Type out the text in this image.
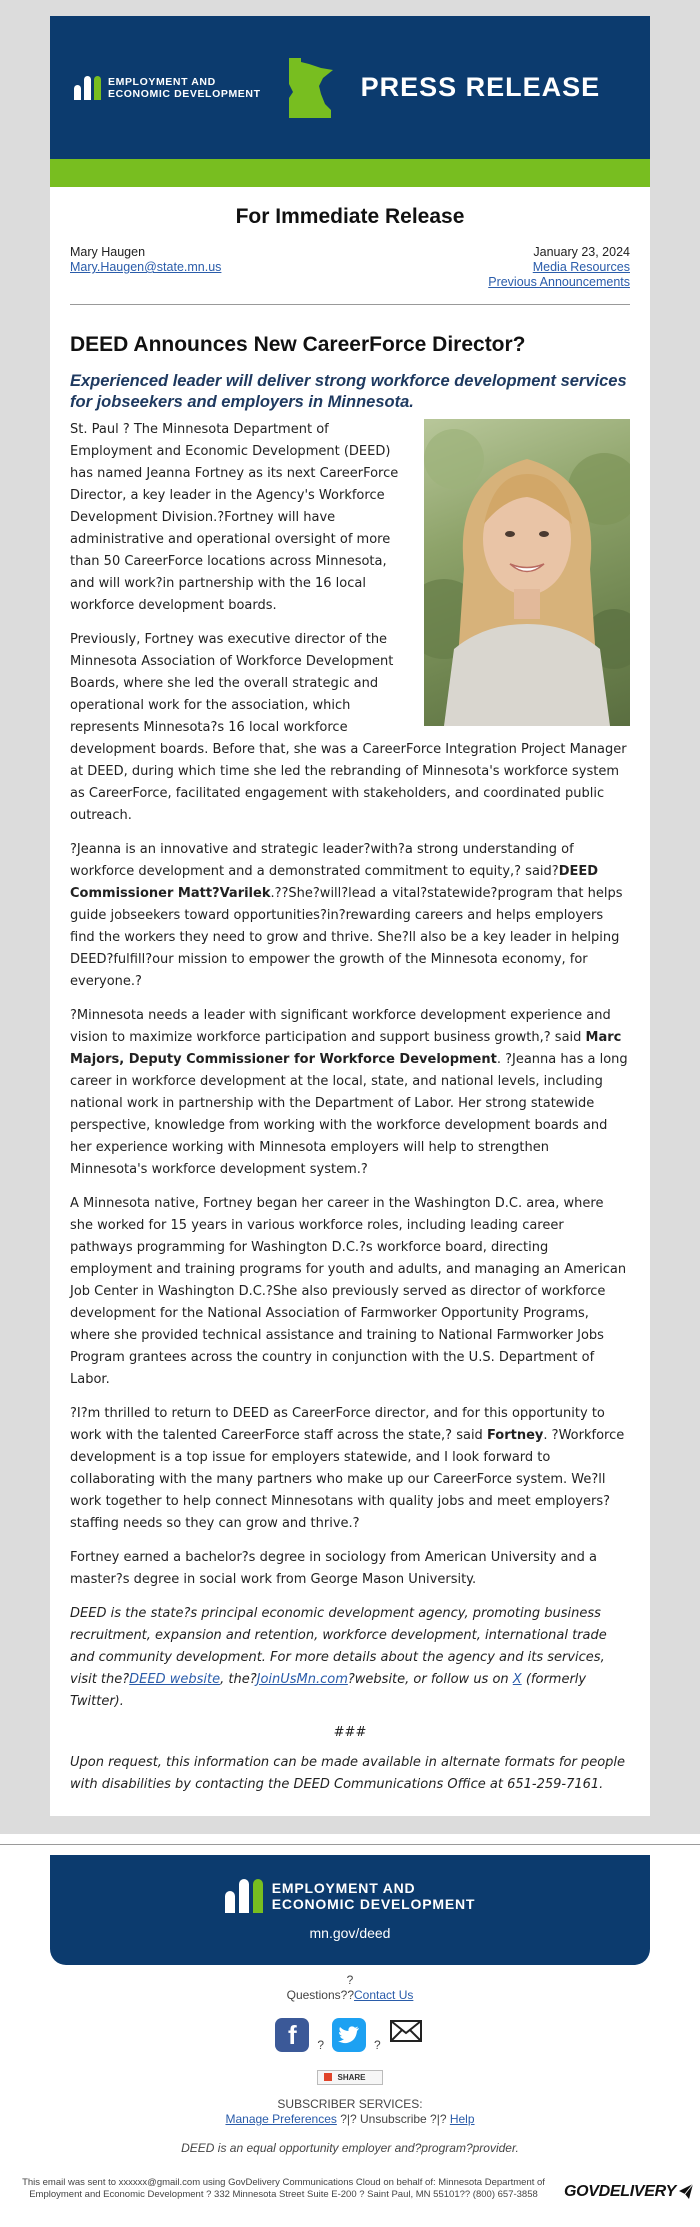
EMPLOYMENT AND
ECONOMIC DEVELOPMENT	PRESS RELEASE
For Immediate Release
Mary Haugen
Mary.Haugen@state.mn.us
January 23, 2024
Media Resources
Previous Announcements
DEED Announces New CareerForce Director?
Experienced leader will deliver strong workforce development services for jobseekers and employers in Minnesota.

St. Paul ? The Minnesota Department of Employment and Economic Development (DEED) has named Jeanna Fortney as its next CareerForce Director, a key leader in the Agency's Workforce Development Division.?Fortney will have administrative and operational oversight of more than 50 CareerForce locations across Minnesota, and will work?in partnership with the 16 local workforce development boards.

Previously, Fortney was executive director of the Minnesota Association of Workforce Development Boards, where she led the overall strategic and operational work for the association, which represents Minnesota?s 16 local workforce development boards. Before that, she was a CareerForce Integration Project Manager at DEED, during which time she led the rebranding of Minnesota's workforce system as CareerForce, facilitated engagement with stakeholders, and coordinated public outreach.

?Jeanna is an innovative and strategic leader?with?a strong understanding of workforce development and a demonstrated commitment to equity,? said?DEED Commissioner Matt?Varilek.??She?will?lead a vital?statewide?program that helps guide jobseekers toward opportunities?in?rewarding careers and helps employers find the workers they need to grow and thrive. She?ll also be a key leader in helping DEED?fulfill?our mission to empower the growth of the Minnesota economy, for everyone.?

?Minnesota needs a leader with significant workforce development experience and vision to maximize workforce participation and support business growth,? said Marc Majors, Deputy Commissioner for Workforce Development. ?Jeanna has a long career in workforce development at the local, state, and national levels, including national work in partnership with the Department of Labor. Her strong statewide perspective, knowledge from working with the workforce development boards and her experience working with Minnesota employers will help to strengthen Minnesota's workforce development system.?

A Minnesota native, Fortney began her career in the Washington D.C. area, where she worked for 15 years in various workforce roles, including leading career pathways programming for Washington D.C.?s workforce board, directing employment and training programs for youth and adults, and managing an American Job Center in Washington D.C.?She also previously served as director of workforce development for the National Association of Farmworker Opportunity Programs, where she provided technical assistance and training to National Farmworker Jobs Program grantees across the country in conjunction with the U.S. Department of Labor.

?I?m thrilled to return to DEED as CareerForce director, and for this opportunity to work with the talented CareerForce staff across the state,? said Fortney. ?Workforce development is a top issue for employers statewide, and I look forward to collaborating with the many partners who make up our CareerForce system. We?ll work together to help connect Minnesotans with quality jobs and meet employers? staffing needs so they can grow and thrive.?

Fortney earned a bachelor?s degree in sociology from American University and a master?s degree in social work from George Mason University.

DEED is the state?s principal economic development agency, promoting business recruitment, expansion and retention, workforce development, international trade and community development. For more details about the agency and its services, visit the?DEED website, the?JoinUsMn.com?website, or follow us on X (formerly Twitter).

###

Upon request, this information can be made available in alternate formats for people with disabilities by contacting the DEED Communications Office at 651-259-7161.

EMPLOYMENT AND
ECONOMIC DEVELOPMENT
mn.gov/deed
?
Questions??Contact Us
f	?	?
SHARE
SUBSCRIBER SERVICES:
Manage Preferences ?|? Unsubscribe ?|? Help
DEED is an equal opportunity employer and?program?provider.
This email was sent to xxxxxx@gmail.com using GovDelivery Communications Cloud on behalf of: Minnesota Department of Employment and Economic Development ? 332 Minnesota Street Suite E-200 ? Saint Paul, MN 55101?? (800) 657-3858	GOVDELIVERY
